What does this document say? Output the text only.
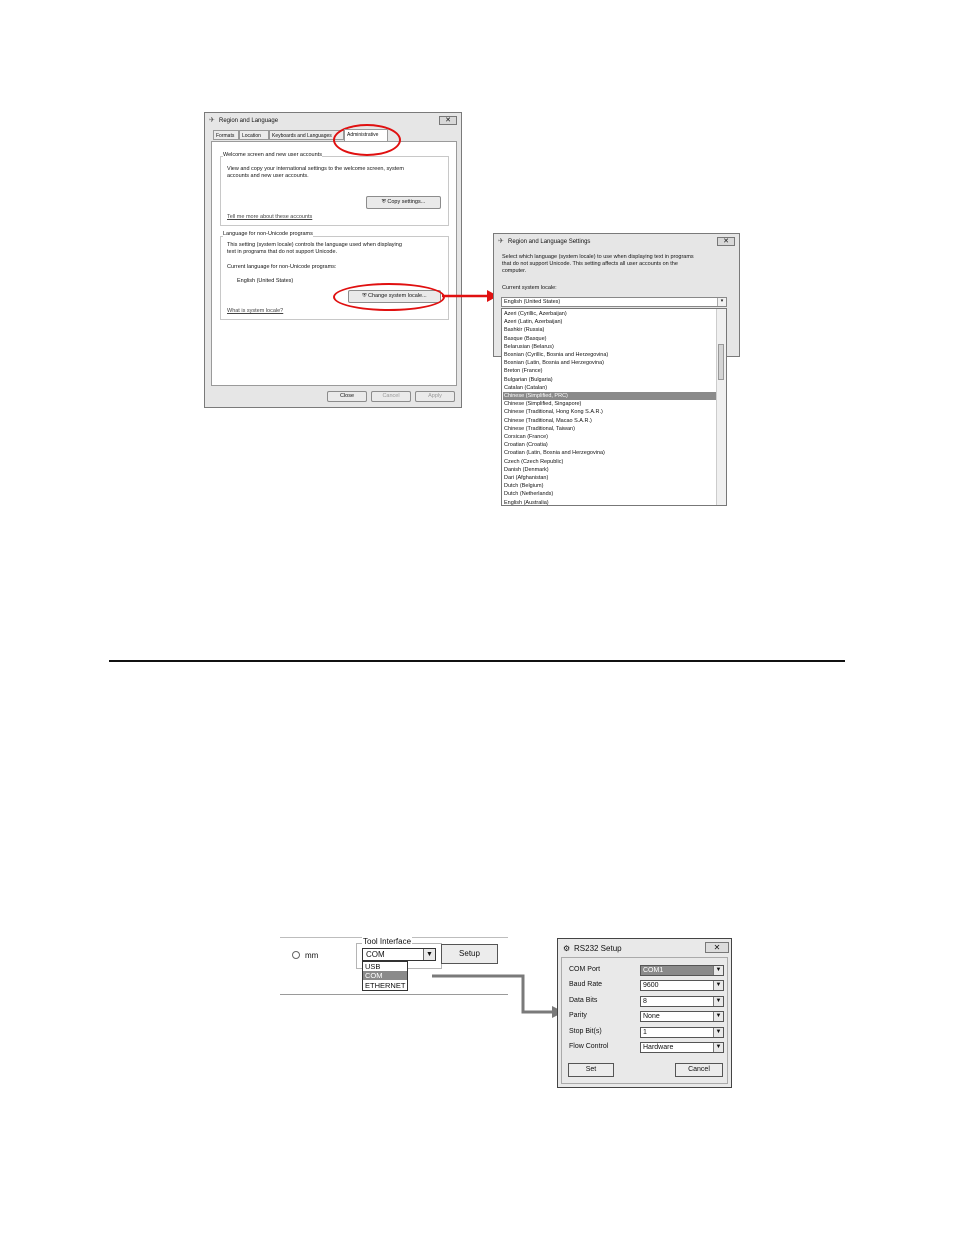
✈ Region and Language	✕
Formats	Location	Keyboards and Languages	Administrative
Welcome screen and new user accounts
View and copy your international settings to the welcome screen, system
accounts and new user accounts.
⛨ Copy settings...
Tell me more about these accounts
Language for non-Unicode programs
This setting (system locale) controls the language used when displaying
text in programs that do not support Unicode.
Current language for non-Unicode programs:
English (United States)
⛨ Change system locale...
What is system locale?
Close	Cancel	Apply
✈ Region and Language Settings	✕
Select which language (system locale) to use when displaying text in programs
that do not support Unicode. This setting affects all user accounts on the
computer.
Current system locale:
English (United States)	▾
Azeri (Cyrillic, Azerbaijan)
Azeri (Latin, Azerbaijan)
Bashkir (Russia)
Basque (Basque)
Belarusian (Belarus)
Bosnian (Cyrillic, Bosnia and Herzegovina)
Bosnian (Latin, Bosnia and Herzegovina)
Breton (France)
Bulgarian (Bulgaria)
Catalan (Catalan)
Chinese (Simplified, PRC)
Chinese (Simplified, Singapore)
Chinese (Traditional, Hong Kong S.A.R.)
Chinese (Traditional, Macao S.A.R.)
Chinese (Traditional, Taiwan)
Corsican (France)
Croatian (Croatia)
Croatian (Latin, Bosnia and Herzegovina)
Czech (Czech Republic)
Danish (Denmark)
Dari (Afghanistan)
Dutch (Belgium)
Dutch (Netherlands)
English (Australia)
mm
Tool Interface
COM	▼	Setup
USB
COM
ETHERNET
⚙ RS232 Setup	✕
COM Port	COM1	▼
Baud Rate	9600	▼
Data Bits	8	▼
Parity	None	▼
Stop Bit(s)	1	▼
Flow Control	Hardware	▼
Set	Cancel
